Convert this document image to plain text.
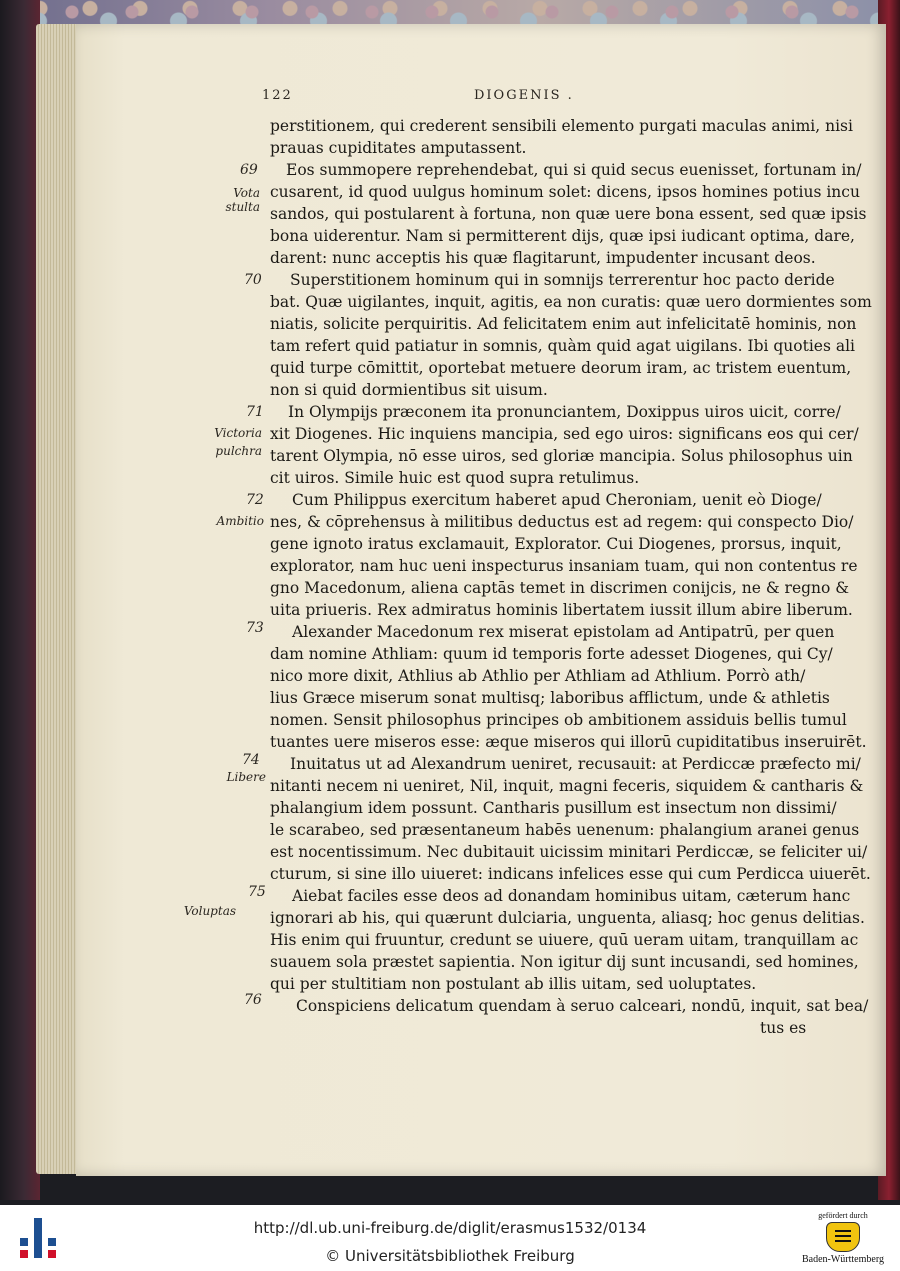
122	DIOGENIS .
perstitionem, qui crederent sensibili elemento purgati maculas animi, nisi
prauas cupiditates amputassent.
Eos summopere reprehendebat, qui si quid secus euenisset, fortunam in/
cusarent, id quod uulgus hominum solet: dicens, ipsos homines potius incu
sandos, qui postularent à fortuna, non quæ uere bona essent, sed quæ ipsis
bona uiderentur. Nam si permitterent dijs, quæ ipsi iudicant optima, dare,
darent: nunc acceptis his quæ flagitarunt, impudenter incusant deos.
Superstitionem hominum qui in somnijs terrerentur hoc pacto deride
bat. Quæ uigilantes, inquit, agitis, ea non curatis: quæ uero dormientes som
niatis, solicite perquiritis. Ad felicitatem enim aut infelicitatē hominis, non
tam refert quid patiatur in somnis, quàm quid agat uigilans. Ibi quoties ali
quid turpe cōmittit, oportebat metuere deorum iram, ac tristem euentum,
non si quid dormientibus sit uisum.
In Olympijs præconem ita pronunciantem, Doxippus uiros uicit, corre/
xit Diogenes. Hic inquiens mancipia, sed ego uiros: significans eos qui cer/
tarent Olympia, nō esse uiros, sed gloriæ mancipia. Solus philosophus uin
cit uiros. Simile huic est quod supra retulimus.
Cum Philippus exercitum haberet apud Cheroniam, uenit eò Dioge/
nes, & cōprehensus à militibus deductus est ad regem: qui conspecto Dio/
gene ignoto iratus exclamauit, Explorator. Cui Diogenes, prorsus, inquit,
explorator, nam huc ueni inspecturus insaniam tuam, qui non contentus re
gno Macedonum, aliena captās temet in discrimen conijcis, ne & regno &
uita priueris. Rex admiratus hominis libertatem iussit illum abire liberum.
Alexander Macedonum rex miserat epistolam ad Antipatrū, per quen
dam nomine Athliam: quum id temporis forte adesset Diogenes, qui Cy/
nico more dixit, Athlius ab Athlio per Athliam ad Athlium. Porrò ath/
lius Græce miserum sonat multisq; laboribus afflictum, unde & athletis
nomen. Sensit philosophus principes ob ambitionem assiduis bellis tumul
tuantes uere miseros esse: æque miseros qui illorū cupiditatibus inseruirēt.
Inuitatus ut ad Alexandrum ueniret, recusauit: at Perdiccæ præfecto mi/
nitanti necem ni ueniret, Nil, inquit, magni feceris, siquidem & cantharis &
phalangium idem possunt. Cantharis pusillum est insectum non dissimi/
le scarabeo, sed præsentaneum habēs uenenum: phalangium aranei genus
est nocentissimum. Nec dubitauit uicissim minitari Perdiccæ, se feliciter ui/
cturum, si sine illo uiueret: indicans infelices esse qui cum Perdicca uiuerēt.
Aiebat faciles esse deos ad donandam hominibus uitam, cæterum hanc
ignorari ab his, qui quærunt dulciaria, unguenta, aliasq; hoc genus delitias.
His enim qui fruuntur, credunt se uiuere, quū ueram uitam, tranquillam ac
suauem sola præstet sapientia. Non igitur dij sunt incusandi, sed homines,
qui per stultitiam non postulant ab illis uitam, sed uoluptates.
Conspiciens delicatum quendam à seruo calceari, nondū, inquit, sat bea/
tus es
69
70
71
72
73
74
75
76
Vota stulta
Victoria pulchra
Ambitio
Libere
Voluptas
http://dl.ub.uni-freiburg.de/diglit/erasmus1532/0134
© Universitätsbibliothek Freiburg
gefördert durch
Baden-Württemberg
